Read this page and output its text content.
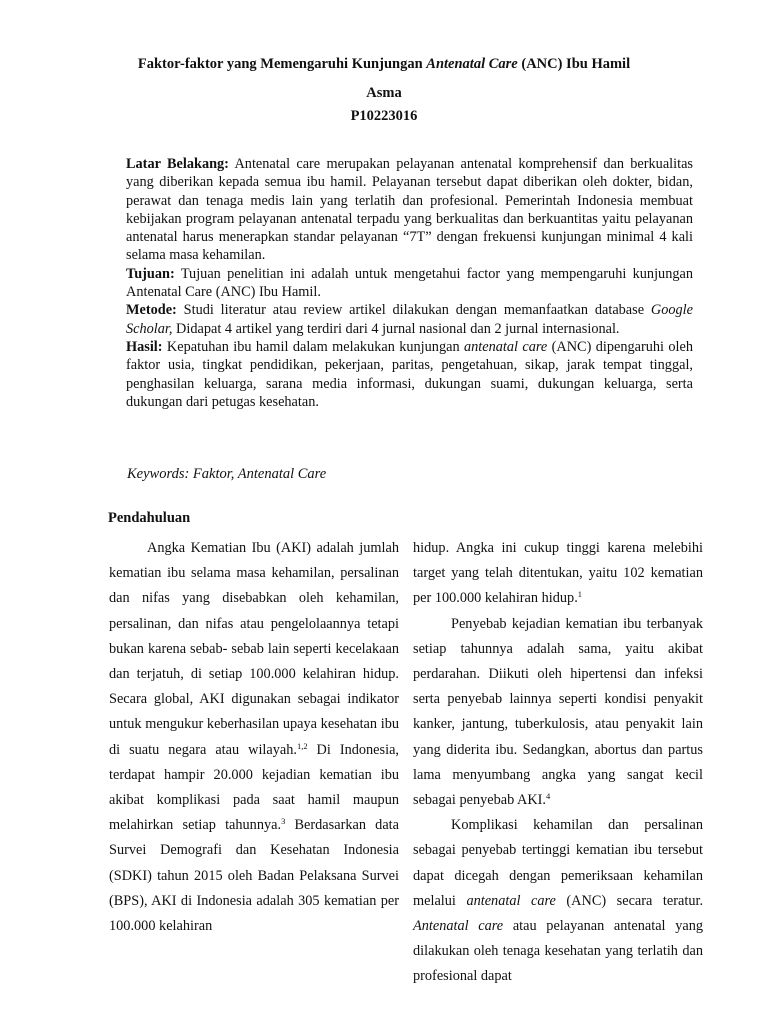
Faktor-faktor yang Memengaruhi Kunjungan Antenatal Care (ANC) Ibu Hamil
Asma
P10223016

Latar Belakang: Antenatal care merupakan pelayanan antenatal komprehensif dan berkualitas yang diberikan kepada semua ibu hamil. Pelayanan tersebut dapat diberikan oleh dokter, bidan, perawat dan tenaga medis lain yang terlatih dan profesional. Pemerintah Indonesia membuat kebijakan program pelayanan antenatal terpadu yang berkualitas dan berkuantitas yaitu pelayanan antenatal harus menerapkan standar pelayanan “7T” dengan frekuensi kunjungan minimal 4 kali selama masa kehamilan.

Tujuan: Tujuan penelitian ini adalah untuk mengetahui factor yang mempengaruhi kunjungan Antenatal Care (ANC) Ibu Hamil.

Metode: Studi literatur atau review artikel dilakukan dengan memanfaatkan database Google Scholar, Didapat 4 artikel yang terdiri dari 4 jurnal nasional dan 2 jurnal internasional.

Hasil: Kepatuhan ibu hamil dalam melakukan kunjungan antenatal care (ANC) dipengaruhi oleh faktor usia, tingkat pendidikan, pekerjaan, paritas, pengetahuan, sikap, jarak tempat tinggal, penghasilan keluarga, sarana media informasi, dukungan suami, dukungan keluarga, serta dukungan dari petugas kesehatan.

Keywords: Faktor, Antenatal Care
Pendahuluan

Angka Kematian Ibu (AKI) adalah jumlah kematian ibu selama masa kehamilan, persalinan dan nifas yang disebabkan oleh kehamilan, persalinan, dan nifas atau pengelolaannya tetapi bukan karena sebab- sebab lain seperti kecelakaan dan terjatuh, di setiap 100.000 kelahiran hidup. Secara global, AKI digunakan sebagai indikator untuk mengukur keberhasilan upaya kesehatan ibu di suatu negara atau wilayah.$^{1,2}$ Di Indonesia, terdapat hampir 20.000 kejadian kematian ibu akibat komplikasi pada saat hamil maupun melahirkan setiap tahunnya.$^3$ Berdasarkan data Survei Demografi dan Kesehatan Indonesia (SDKI) tahun 2015 oleh Badan Pelaksana Survei (BPS), AKI di Indonesia adalah 305 kematian per 100.000 kelahiran

hidup. Angka ini cukup tinggi karena melebihi target yang telah ditentukan, yaitu 102 kematian per 100.000 kelahiran hidup.$^1$

Penyebab kejadian kematian ibu terbanyak setiap tahunnya adalah sama, yaitu akibat perdarahan. Diikuti oleh hipertensi dan infeksi serta penyebab lainnya seperti kondisi penyakit kanker, jantung, tuberkulosis, atau penyakit lain yang diderita ibu. Sedangkan, abortus dan partus lama menyumbang angka yang sangat kecil sebagai penyebab AKI.$^4$

Komplikasi kehamilan dan persalinan sebagai penyebab tertinggi kematian ibu tersebut dapat dicegah dengan pemeriksaan kehamilan melalui antenatal care (ANC) secara teratur. Antenatal care atau pelayanan antenatal yang dilakukan oleh tenaga kesehatan yang terlatih dan profesional dapat
